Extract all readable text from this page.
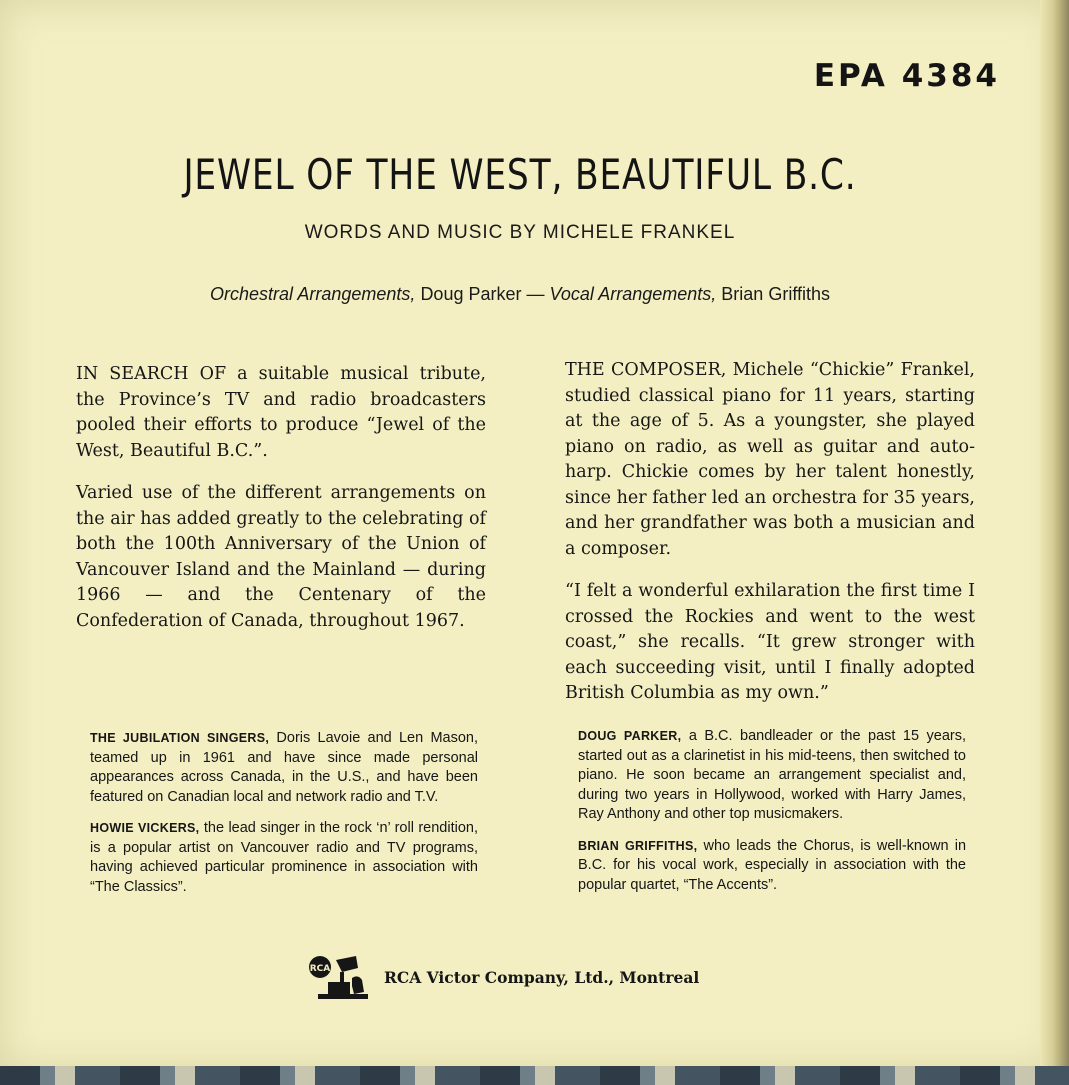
EPA 4384
JEWEL OF THE WEST, BEAUTIFUL B.C.
WORDS AND MUSIC BY MICHELE FRANKEL
Orchestral Arrangements, Doug Parker — Vocal Arrangements, Brian Griffiths

IN SEARCH OF a suitable musical tribute, the Province’s TV and radio broadcasters pooled their efforts to produce “Jewel of the West, Beautiful B.C.”.

Varied use of the different arrangements on the air has added greatly to the celebrating of both the 100th Anniversary of the Union of Vancouver Island and the Mainland — during 1966 — and the Centenary of the Confederation of Canada, throughout 1967.

THE COMPOSER, Michele “Chickie” Frankel, studied classical piano for 11 years, starting at the age of 5. As a youngster, she played piano on radio, as well as guitar and auto-harp. Chickie comes by her talent honestly, since her father led an orchestra for 35 years, and her grandfather was both a musician and a composer.

“I felt a wonderful exhilaration the first time I crossed the Rockies and went to the west coast,” she recalls. “It grew stronger with each succeeding visit, until I finally adopted British Columbia as my own.”

THE JUBILATION SINGERS, Doris Lavoie and Len Mason, teamed up in 1961 and have since made personal appearances across Canada, in the U.S., and have been featured on Canadian local and network radio and T.V.

HOWIE VICKERS, the lead singer in the rock ‘n’ roll rendition, is a popular artist on Vancouver radio and TV programs, having achieved particular prominence in association with “The Classics”.

DOUG PARKER, a B.C. bandleader or the past 15 years, started out as a clarinetist in his mid-teens, then switched to piano. He soon became an arrangement specialist and, during two years in Hollywood, worked with Harry James, Ray Anthony and other top musicmakers.

BRIAN GRIFFITHS, who leads the Chorus, is well-known in B.C. for his vocal work, especially in association with the popular quartet, “The Accents”.

RCA	RCA Victor Company, Ltd., Montreal
